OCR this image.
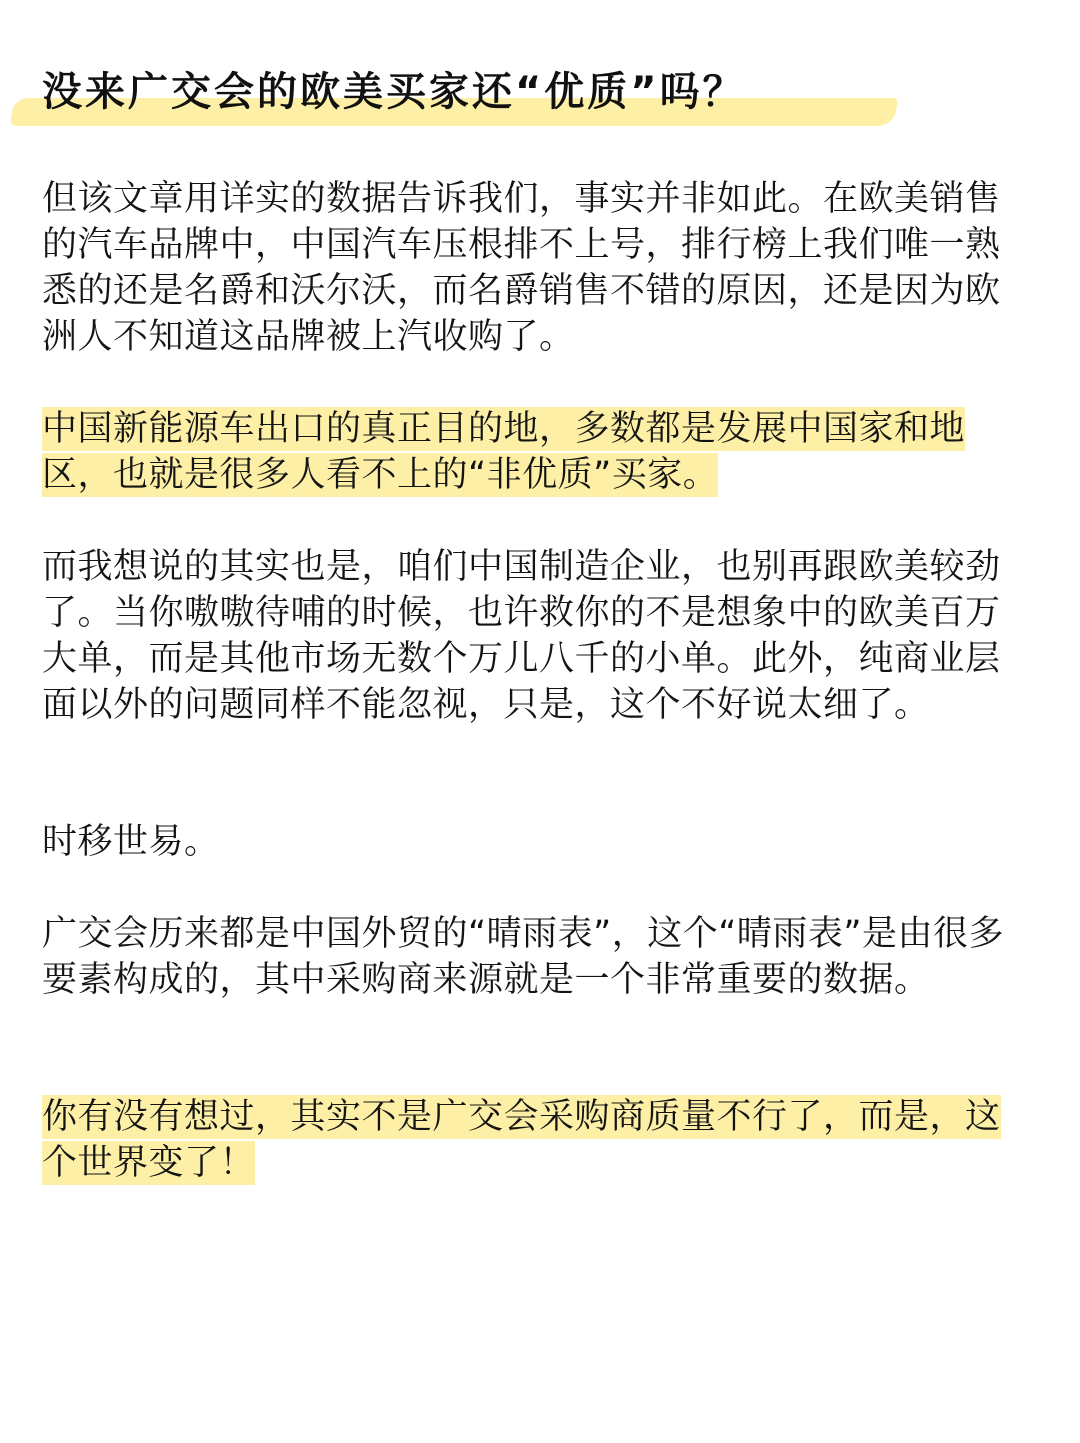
没来广交会的欧美买家还“优质”吗？

但该文章用详实的数据告诉我们，事实并非如此。在欧美销售的汽车品牌中，中国汽车压根排不上号，排行榜上我们唯一熟悉的还是名爵和沃尔沃，而名爵销售不错的原因，还是因为欧洲人不知道这品牌被上汽收购了。

中国新能源车出口的真正目的地，多数都是发展中国家和地区，也就是很多人看不上的“非优质”买家。

而我想说的其实也是，咱们中国制造企业，也别再跟欧美较劲了。当你嗷嗷待哺的时候，也许救你的不是想象中的欧美百万大单，而是其他市场无数个万儿八千的小单。此外，纯商业层面以外的问题同样不能忽视，只是，这个不好说太细了。

时移世易。

广交会历来都是中国外贸的“晴雨表”，这个“晴雨表”是由很多要素构成的，其中采购商来源就是一个非常重要的数据。

你有没有想过，其实不是广交会采购商质量不行了，而是，这个世界变了！
